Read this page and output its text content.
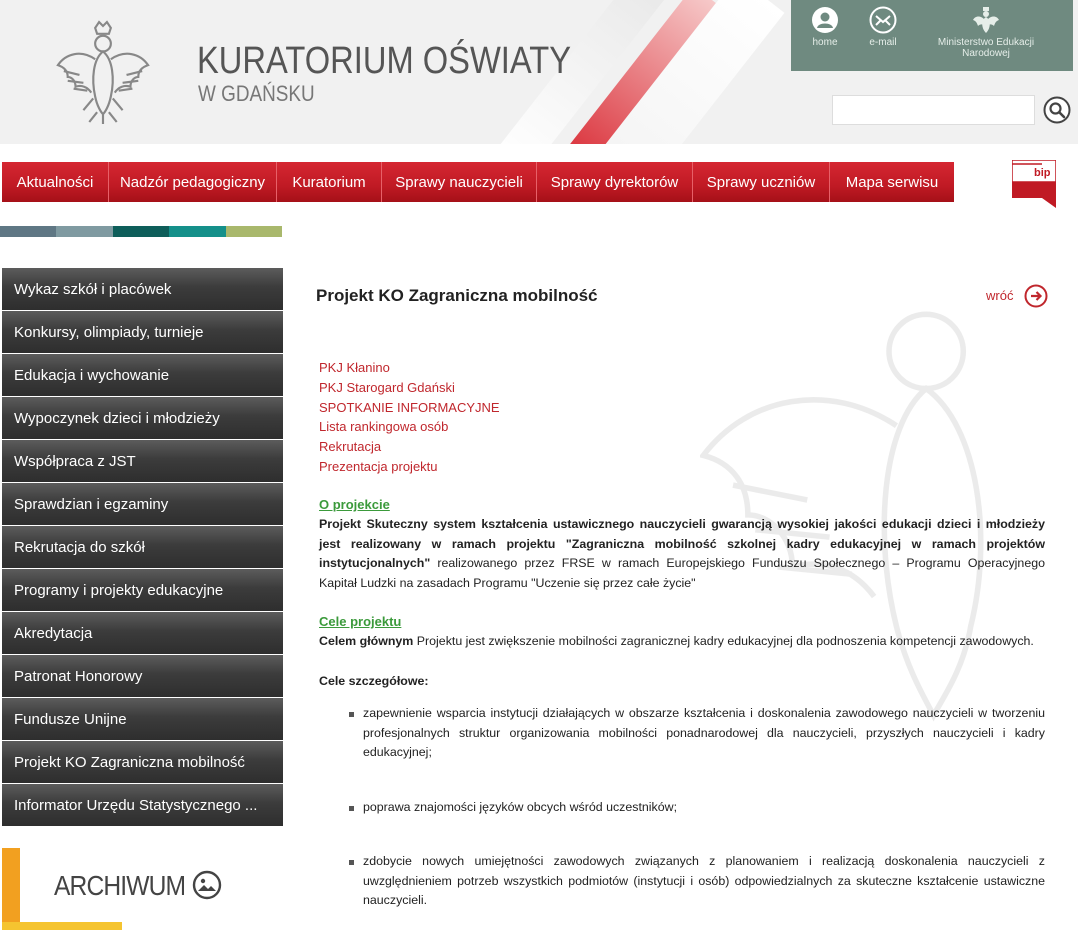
KURATORIUM OŚWIATY
W GDAŃSKU
home	e-mail	Ministerstwo Edukacji Narodowej
Aktualności	Nadzór pedagogiczny	Kuratorium	Sprawy nauczycieli	Sprawy dyrektorów	Sprawy uczniów	Mapa serwisu
bip
Wykaz szkół i placówek
Konkursy, olimpiady, turnieje
Edukacja i wychowanie
Wypoczynek dzieci i młodzieży
Współpraca z JST
Sprawdzian i egzaminy
Rekrutacja do szkół
Programy i projekty edukacyjne
Akredytacja
Patronat Honorowy
Fundusze Unijne
Projekt KO Zagraniczna mobilność
Informator Urzędu Statystycznego ...
ARCHIWUM
Projekt KO Zagraniczna mobilność	wróć
PKJ Kłanino
PKJ Starogard Gdański
SPOTKANIE INFORMACYJNE
Lista rankingowa osób
Rekrutacja
Prezentacja projektu
O projekcie
Projekt Skuteczny system kształcenia ustawicznego nauczycieli gwarancją wysokiej jakości edukacji dzieci i młodzieży jest realizowany w ramach projektu "Zagraniczna mobilność szkolnej kadry edukacyjnej w ramach projektów instytucjonalnych" realizowanego przez FRSE w ramach Europejskiego Funduszu Społecznego – Programu Operacyjnego Kapitał Ludzki na zasadach Programu "Uczenie się przez całe życie"
Cele projektu
Celem głównym Projektu jest zwiększenie mobilności zagranicznej kadry edukacyjnej dla podnoszenia kompetencji zawodowych.
Cele szczegółowe:
zapewnienie wsparcia instytucji działających w obszarze kształcenia i doskonalenia zawodowego nauczycieli w tworzeniu profesjonalnych struktur organizowania mobilności ponadnarodowej dla nauczycieli, przyszłych nauczycieli i kadry edukacyjnej;
poprawa znajomości języków obcych wśród uczestników;
zdobycie nowych umiejętności zawodowych związanych z planowaniem i realizacją doskonalenia nauczycieli z uwzględnieniem potrzeb wszystkich podmiotów (instytucji i osób) odpowiedzialnych za skuteczne kształcenie ustawiczne nauczycieli.
